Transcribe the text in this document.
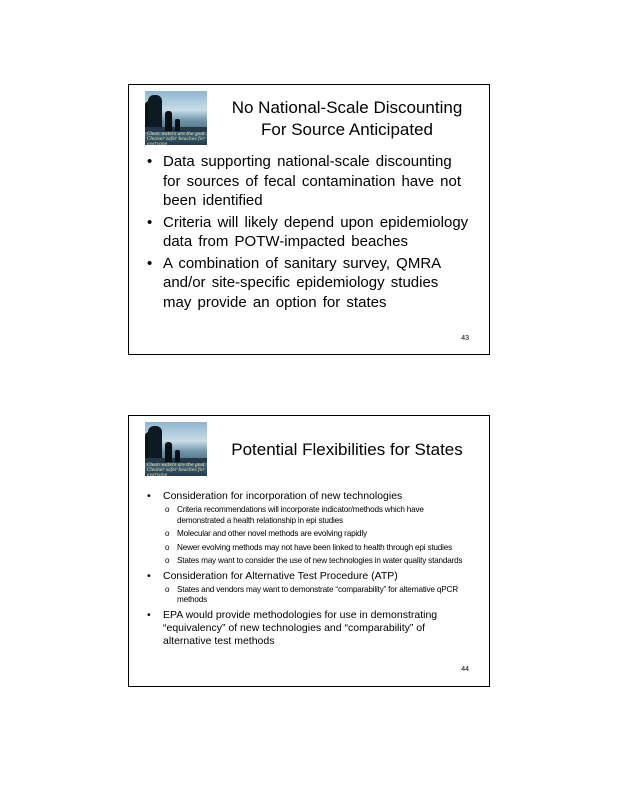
Clean waters are the goal Cleaner safer beaches for everyone
No National-Scale Discounting
For Source Anticipated
• Data supporting national-scale discounting for sources of fecal contamination have not been identified
• Criteria will likely depend upon epidemiology data from POTW-impacted beaches
• A combination of sanitary survey, QMRA and/or site-specific epidemiology studies may provide an option for states
43
Clean waters are the goal Cleaner safer beaches for everyone
Potential Flexibilities for States
• Consideration for incorporation of new technologies
o Criteria recommendations will incorporate indicator/methods which have demonstrated a health relationship in epi studies
o Molecular and other novel methods are evolving rapidly
o Newer evolving methods may not have been linked to health through epi studies
o States may want to consider the use of new technologies in water quality standards
• Consideration for Alternative Test Procedure (ATP)
o States and vendors may want to demonstrate “comparability” for alternative qPCR methods
• EPA would provide methodologies for use in demonstrating “equivalency” of new technologies and “comparability” of alternative test methods
44
